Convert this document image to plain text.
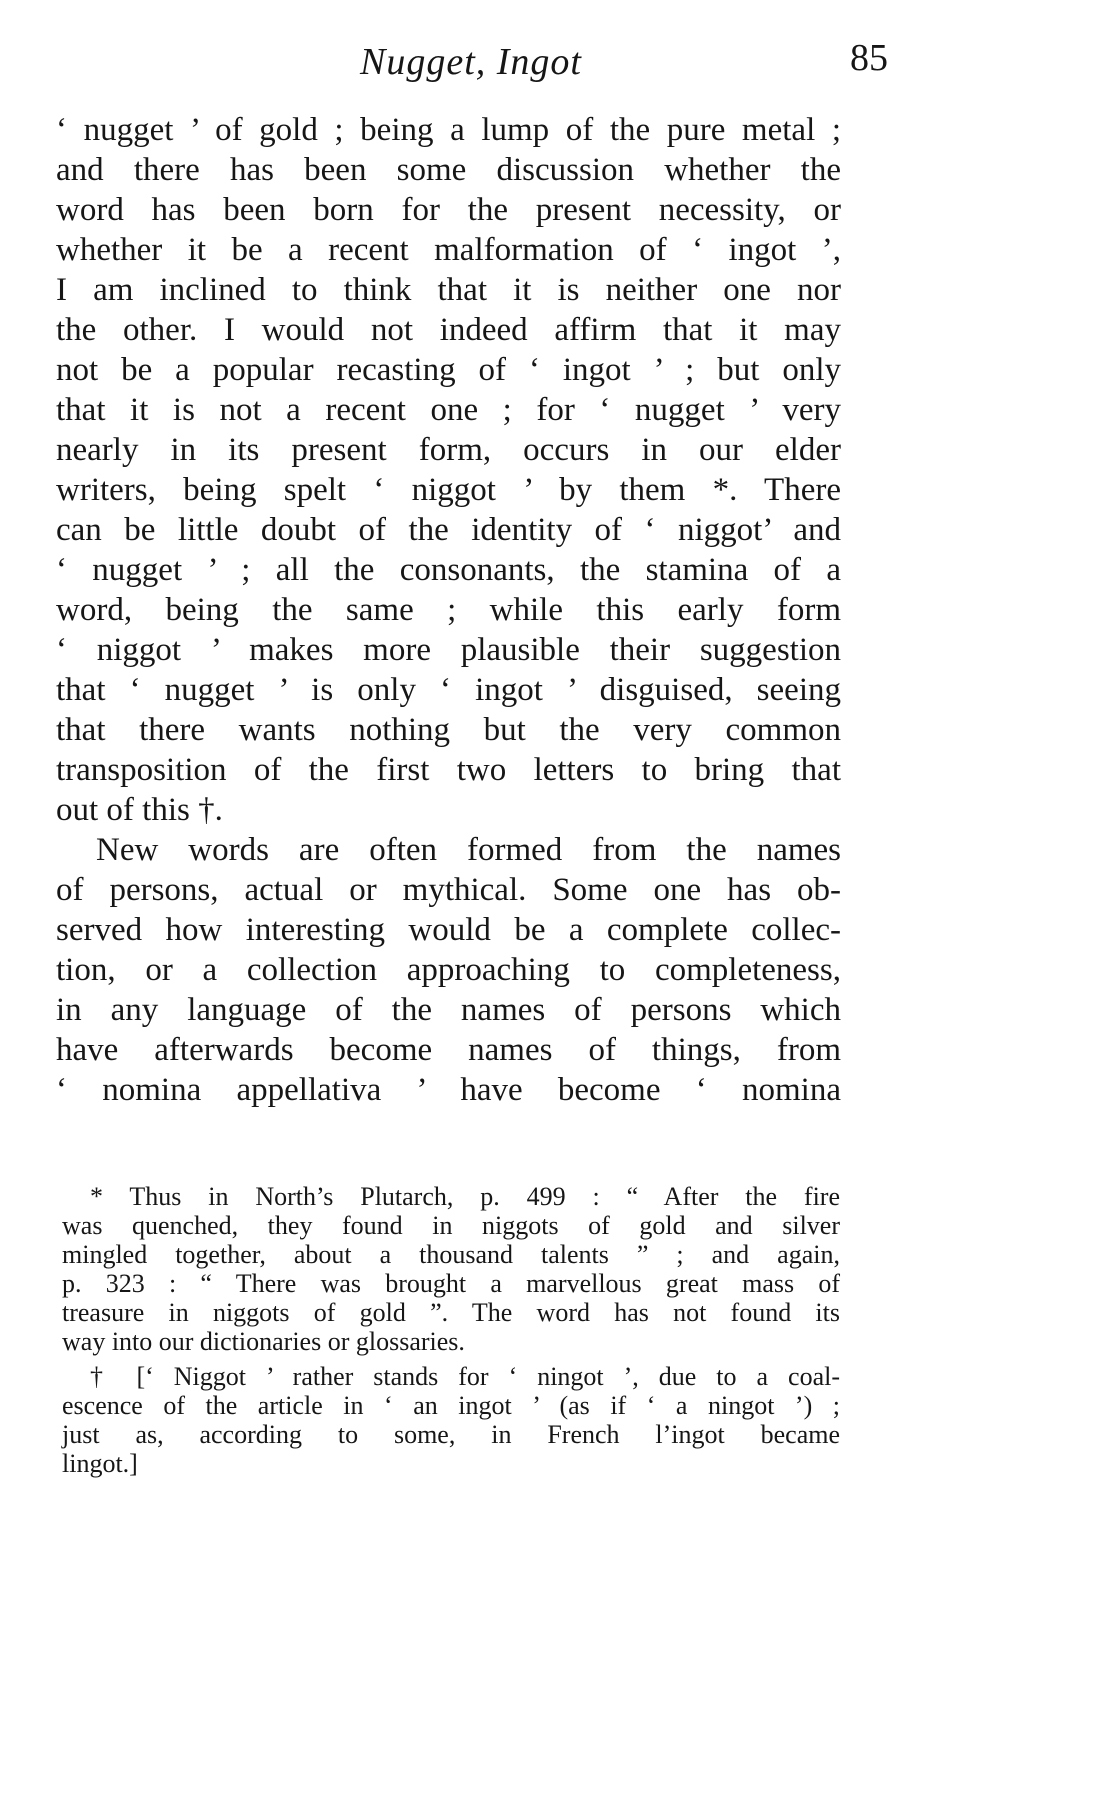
Nugget, Ingot	85
‘ nugget ’ of gold ; being a lump of the pure metal ;
and there has been some discussion whether the
word has been born for the present necessity, or
whether it be a recent malformation of ‘ ingot ’,
I am inclined to think that it is neither one nor
the other. I would not indeed affirm that it may
not be a popular recasting of ‘ ingot ’ ; but only
that it is not a recent one ; for ‘ nugget ’ very
nearly in its present form, occurs in our elder
writers, being spelt ‘ niggot ’ by them *. There
can be little doubt of the identity of ‘ niggot’ and
‘ nugget ’ ; all the consonants, the stamina of a
word, being the same ; while this early form
‘ niggot ’ makes more plausible their suggestion
that ‘ nugget ’ is only ‘ ingot ’ disguised, seeing
that there wants nothing but the very common
transposition of the first two letters to bring that
out of this †.
New words are often formed from the names
of persons, actual or mythical. Some one has ob-
served how interesting would be a complete collec-
tion, or a collection approaching to completeness,
in any language of the names of persons which
have afterwards become names of things, from
‘ nomina appellativa ’ have become ‘ nomina
* Thus in North’s Plutarch, p. 499 : “ After the fire
was quenched, they found in niggots of gold and silver
mingled together, about a thousand talents ” ; and again,
p. 323 : “ There was brought a marvellous great mass of
treasure in niggots of gold ”. The word has not found its
way into our dictionaries or glossaries.
† [‘ Niggot ’ rather stands for ‘ ningot ’, due to a coal-
escence of the article in ‘ an ingot ’ (as if ‘ a ningot ’) ;
just as, according to some, in French l’ingot became
lingot.]
